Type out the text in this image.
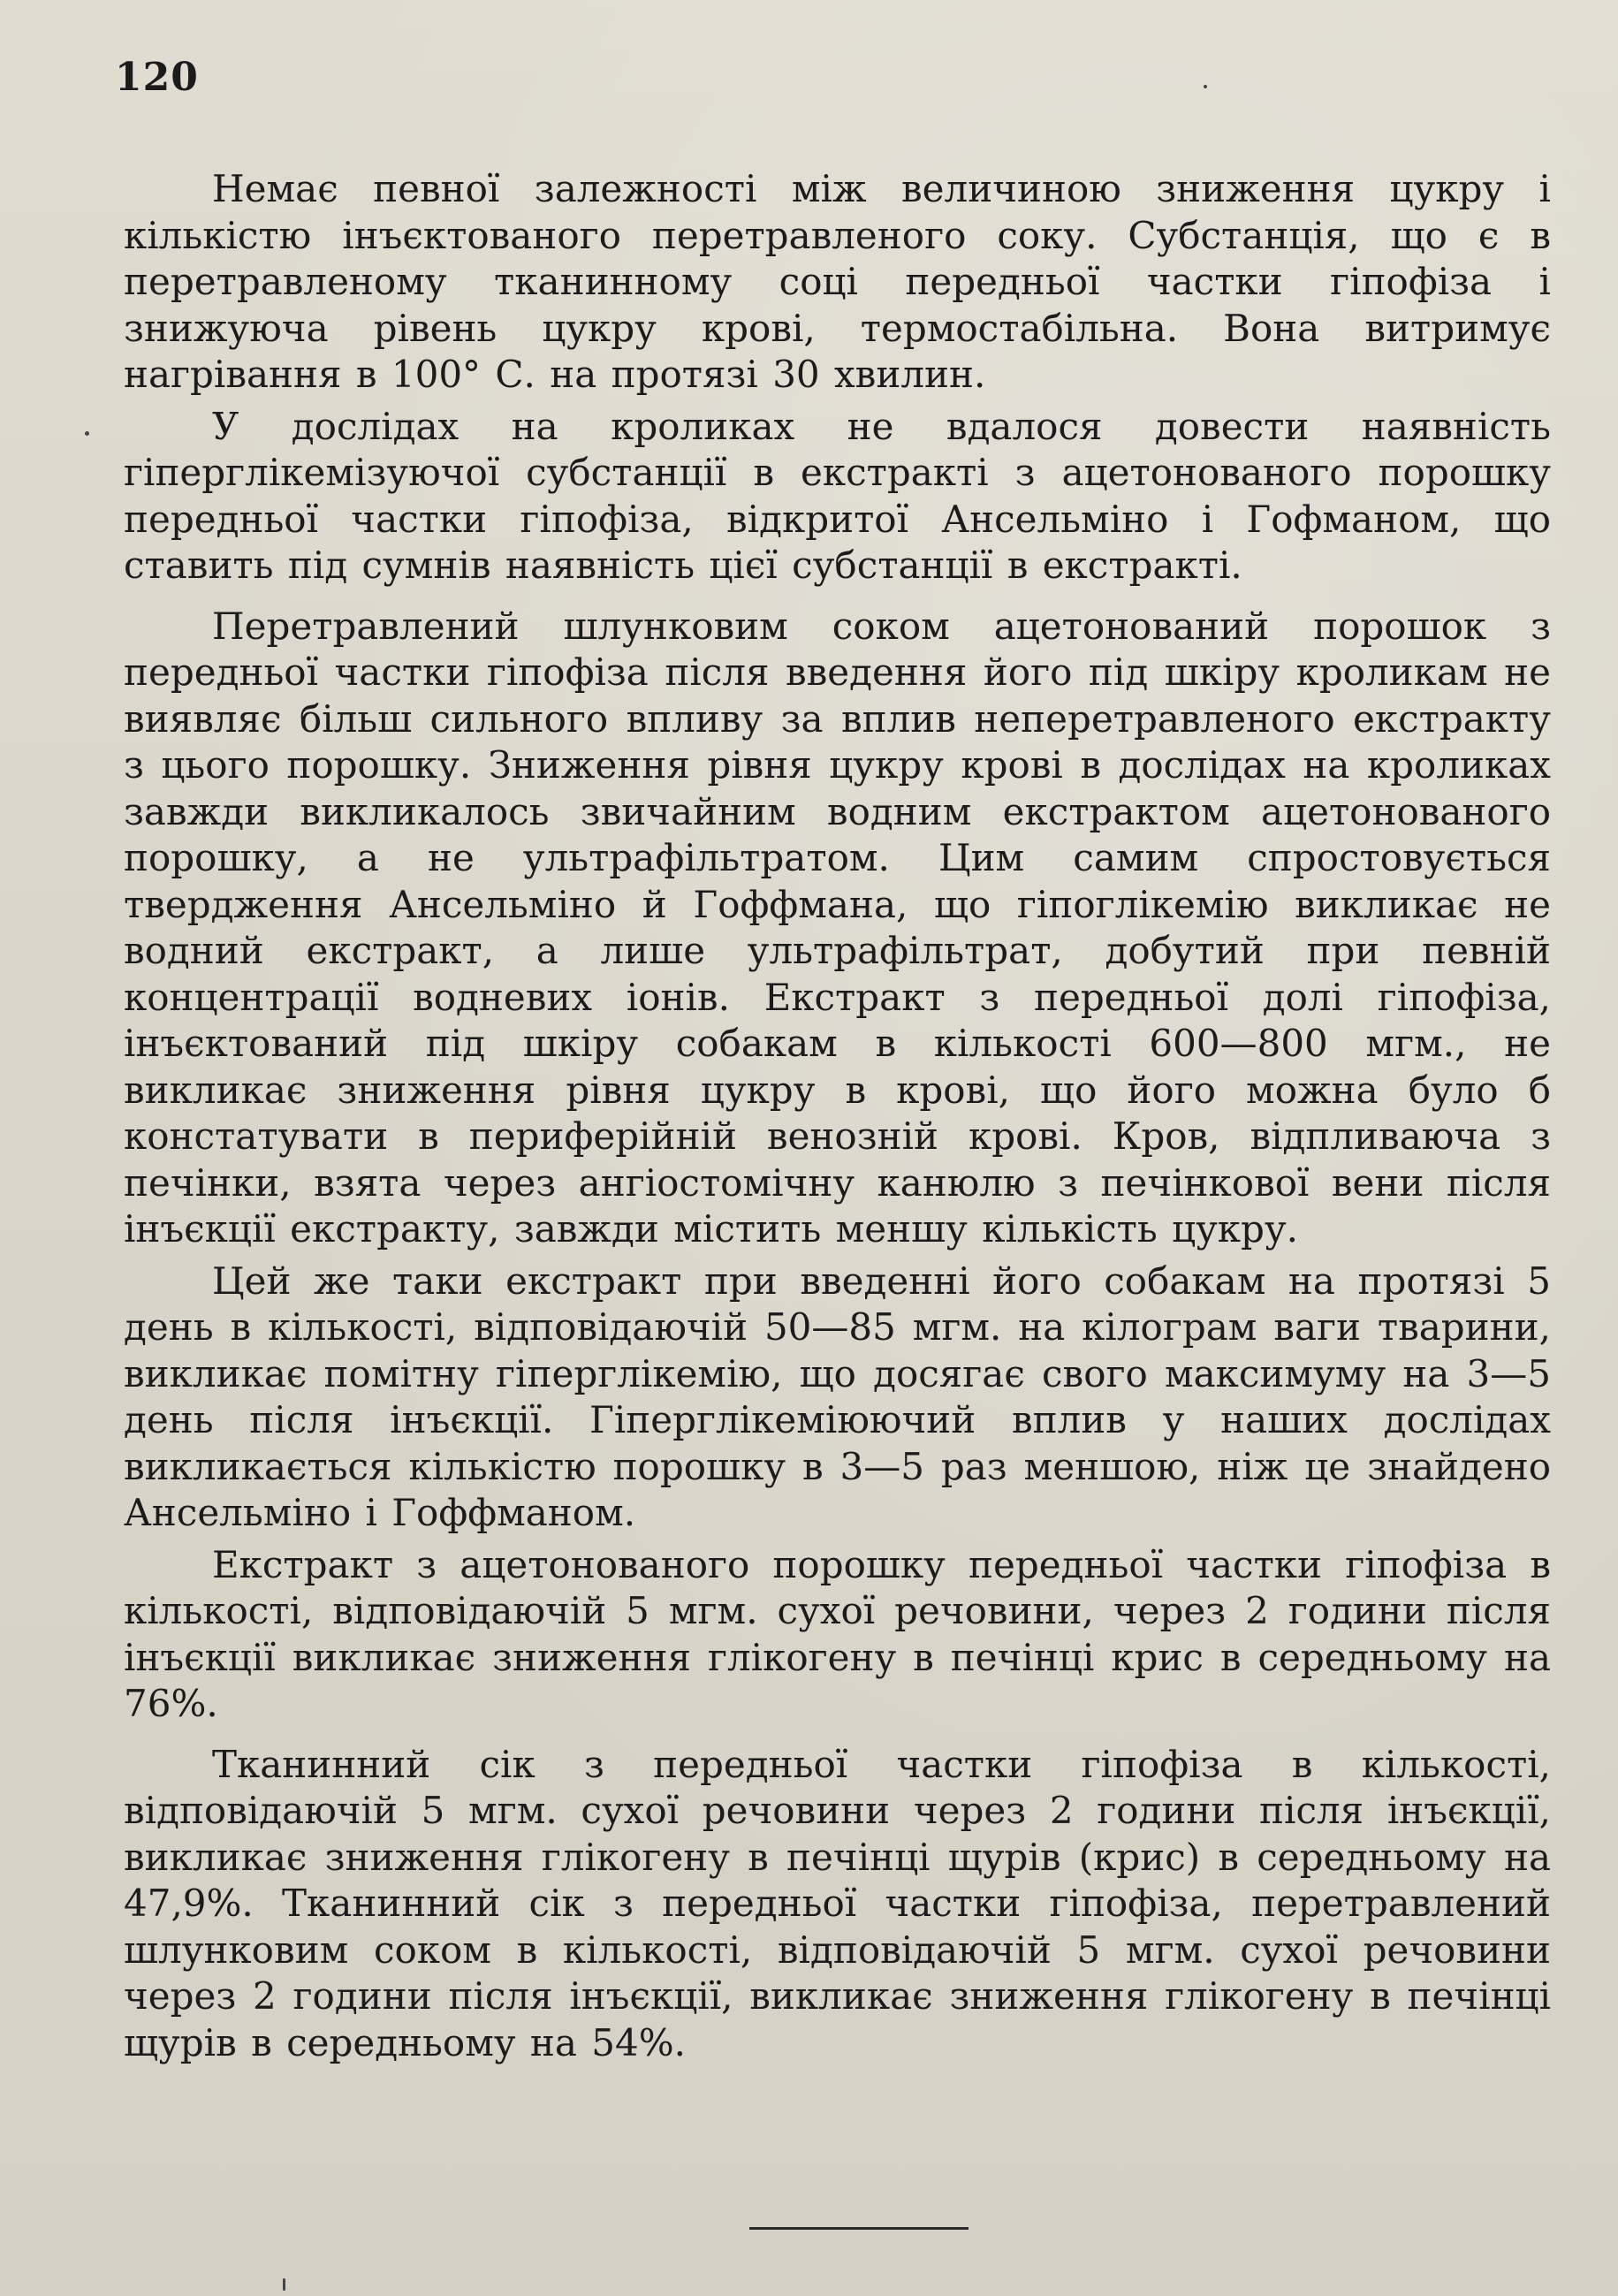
120

Немає певної залежності між величиною зниження цукру і кількістю інъєктованого перетравленого соку. Субстанція, що є в перетравленому тканинному соці передньої частки гіпофіза і знижуюча рівень цукру крові, термостабільна. Вона витримує нагрівання в 100° С. на протязі 30 хвилин.

У дослідах на кроликах не вдалося довести наявність гіперглікемізуючої субстанції в екстракті з ацетонованого порошку передньої частки гіпофіза, відкритої Ансельміно і Гофманом, що ставить під сумнів наявність цієї субстанції в екстракті.

Перетравлений шлунковим соком ацетонований порошок з передньої частки гіпофіза після введення його під шкіру кроликам не виявляє більш сильного впливу за вплив неперетравленого екстракту з цього порошку. Зниження рівня цукру крові в дослідах на кроликах завжди викликалось звичайним водним екстрактом ацетонованого порошку, а не ультрафільтратом. Цим самим спростовується твердження Ансельміно й Гоффмана, що гіпоглікемію викликає не водний екстракт, а лише ультрафільтрат, добутий при певній концентрації водневих іонів. Екстракт з передньої долі гіпофіза, інъєктований під шкіру собакам в кількості 600—800 мгм., не викликає зниження рівня цукру в крові, що його можна було б констатувати в периферійній венозній крові. Кров, відпливаюча з печінки, взята через ангіостомічну канюлю з печінкової вени після інъєкції екстракту, завжди містить меншу кількість цукру.

Цей же таки екстракт при введенні його собакам на протязі 5 день в кількості, відповідаючій 50—85 мгм. на кілограм ваги тварини, викликає помітну гіперглікемію, що досягає свого максимуму на 3—5 день після інъєкції. Гіперглікеміюючий вплив у наших дослідах викликається кількістю порошку в 3—5 раз меншою, ніж це знайдено Ансельміно і Гоффманом.

Екстракт з ацетонованого порошку передньої частки гіпофіза в кількості, відповідаючій 5 мгм. сухої речовини, через 2 години після інъєкції викликає зниження глікогену в печінці крис в середньому на 76%.

Тканинний сік з передньої частки гіпофіза в кількості, відповідаючій 5 мгм. сухої речовини через 2 години після інъєкції, викликає зниження глікогену в печінці щурів (крис) в середньому на 47,9%. Тканинний сік з передньої частки гіпофіза, перетравлений шлунковим соком в кількості, відповідаючій 5 мгм. сухої речовини через 2 години після інъєкції, викликає зниження глікогену в печінці щурів в середньому на 54%.
